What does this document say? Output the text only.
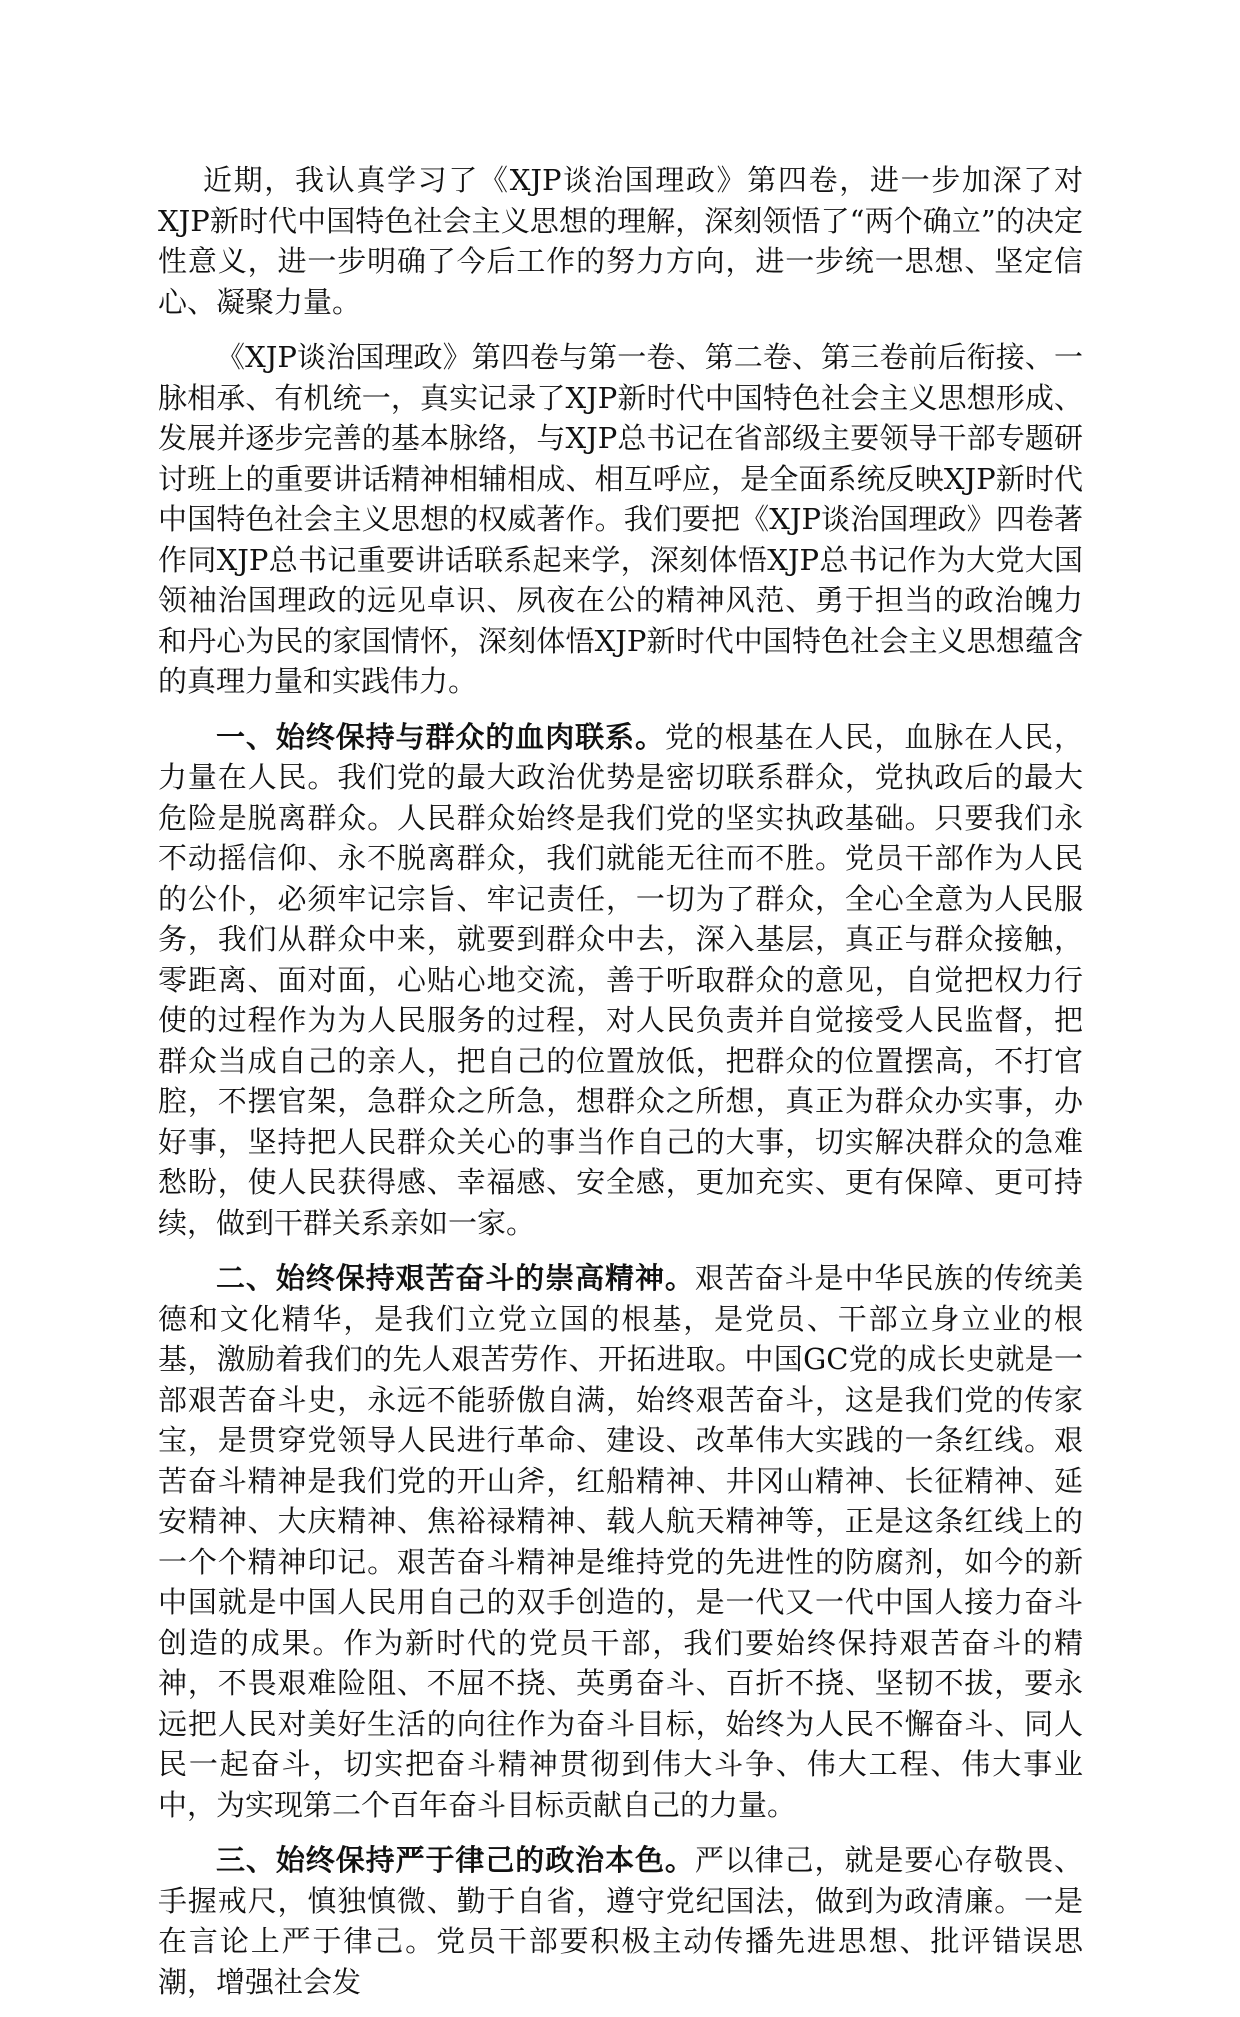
近期，我认真学习了《XJP谈治国理政》第四卷，进一步加深了对XJP新时代中国特色社会主义思想的理解，深刻领悟了“两个确立”的决定性意义，进一步明确了今后工作的努力方向，进一步统一思想、坚定信心、凝聚力量。

《XJP谈治国理政》第四卷与第一卷、第二卷、第三卷前后衔接、一脉相承、有机统一，真实记录了XJP新时代中国特色社会主义思想形成、发展并逐步完善的基本脉络，与XJP总书记在省部级主要领导干部专题研讨班上的重要讲话精神相辅相成、相互呼应，是全面系统反映XJP新时代中国特色社会主义思想的权威著作。我们要把《XJP谈治国理政》四卷著作同XJP总书记重要讲话联系起来学，深刻体悟XJP总书记作为大党大国领袖治国理政的远见卓识、夙夜在公的精神风范、勇于担当的政治魄力和丹心为民的家国情怀，深刻体悟XJP新时代中国特色社会主义思想蕴含的真理力量和实践伟力。

一、始终保持与群众的血肉联系。党的根基在人民，血脉在人民，力量在人民。我们党的最大政治优势是密切联系群众，党执政后的最大危险是脱离群众。人民群众始终是我们党的坚实执政基础。只要我们永不动摇信仰、永不脱离群众，我们就能无往而不胜。党员干部作为人民的公仆，必须牢记宗旨、牢记责任，一切为了群众，全心全意为人民服务，我们从群众中来，就要到群众中去，深入基层，真正与群众接触，零距离、面对面，心贴心地交流，善于听取群众的意见，自觉把权力行使的过程作为为人民服务的过程，对人民负责并自觉接受人民监督，把群众当成自己的亲人，把自己的位置放低，把群众的位置摆高，不打官腔，不摆官架，急群众之所急，想群众之所想，真正为群众办实事，办好事，坚持把人民群众关心的事当作自己的大事，切实解决群众的急难愁盼，使人民获得感、幸福感、安全感，更加充实、更有保障、更可持续，做到干群关系亲如一家。

二、始终保持艰苦奋斗的崇高精神。艰苦奋斗是中华民族的传统美德和文化精华，是我们立党立国的根基，是党员、干部立身立业的根基，激励着我们的先人艰苦劳作、开拓进取。中国GC党的成长史就是一部艰苦奋斗史，永远不能骄傲自满，始终艰苦奋斗，这是我们党的传家宝，是贯穿党领导人民进行革命、建设、改革伟大实践的一条红线。艰苦奋斗精神是我们党的开山斧，红船精神、井冈山精神、长征精神、延安精神、大庆精神、焦裕禄精神、载人航天精神等，正是这条红线上的一个个精神印记。艰苦奋斗精神是维持党的先进性的防腐剂，如今的新中国就是中国人民用自己的双手创造的，是一代又一代中国人接力奋斗创造的成果。作为新时代的党员干部，我们要始终保持艰苦奋斗的精神，不畏艰难险阻、不屈不挠、英勇奋斗、百折不挠、坚韧不拔，要永远把人民对美好生活的向往作为奋斗目标，始终为人民不懈奋斗、同人民一起奋斗，切实把奋斗精神贯彻到伟大斗争、伟大工程、伟大事业中，为实现第二个百年奋斗目标贡献自己的力量。

三、始终保持严于律己的政治本色。严以律己，就是要心存敬畏、手握戒尺，慎独慎微、勤于自省，遵守党纪国法，做到为政清廉。一是在言论上严于律己。党员干部要积极主动传播先进思想、批评错误思潮，增强社会发
